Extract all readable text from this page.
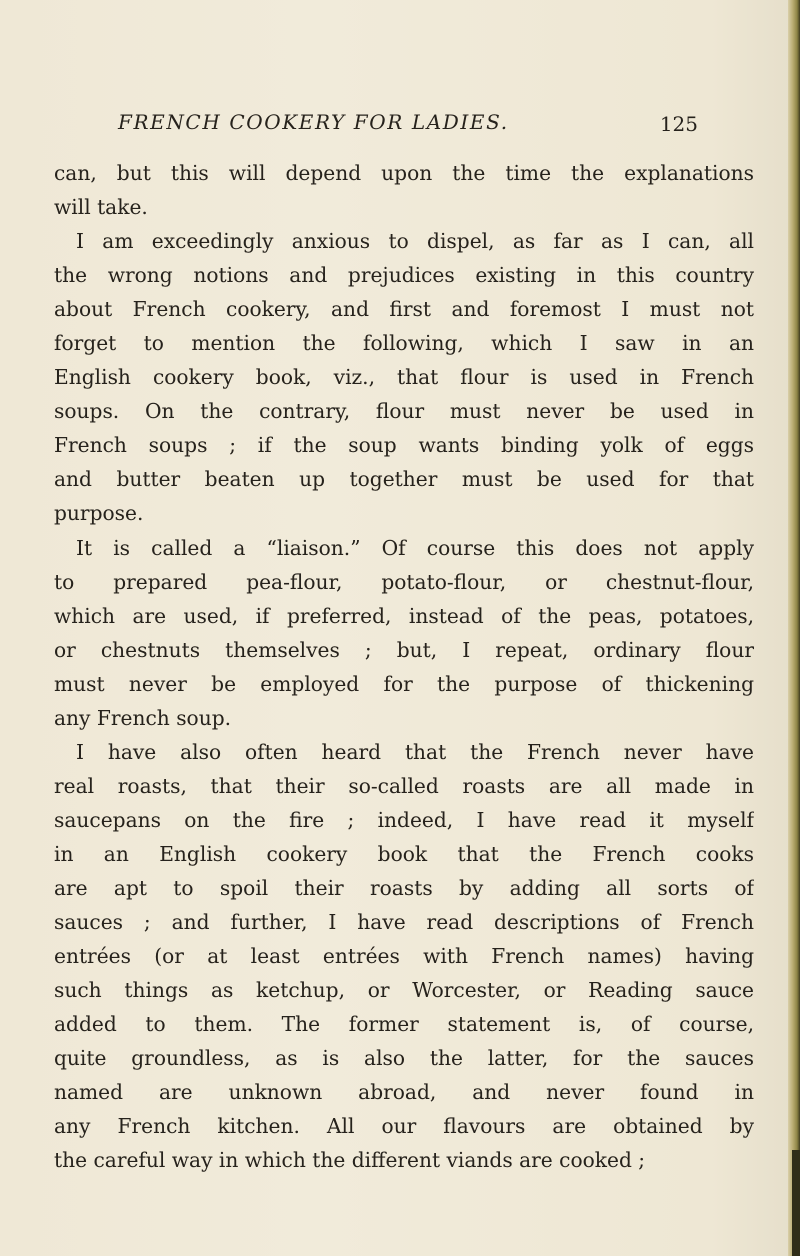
FRENCH COOKERY FOR LADIES.	125
can, but this will depend upon the time the explanations
will take.
I am exceedingly anxious to dispel, as far as I can, all
the wrong notions and prejudices existing in this country
about French cookery, and first and foremost I must not
forget to mention the following, which I saw in an
English cookery book, viz., that flour is used in French
soups. On the contrary, flour must never be used in
French soups ; if the soup wants binding yolk of eggs
and butter beaten up together must be used for that
purpose.
It is called a “liaison.” Of course this does not apply
to prepared pea-flour, potato-flour, or chestnut-flour,
which are used, if preferred, instead of the peas, potatoes,
or chestnuts themselves ; but, I repeat, ordinary flour
must never be employed for the purpose of thickening
any French soup.
I have also often heard that the French never have
real roasts, that their so-called roasts are all made in
saucepans on the fire ; indeed, I have read it myself
in an English cookery book that the French cooks
are apt to spoil their roasts by adding all sorts of
sauces ; and further, I have read descriptions of French
entrées (or at least entrées with French names) having
such things as ketchup, or Worcester, or Reading sauce
added to them. The former statement is, of course,
quite groundless, as is also the latter, for the sauces
named are unknown abroad, and never found in
any French kitchen. All our flavours are obtained by
the careful way in which the different viands are cooked ;
